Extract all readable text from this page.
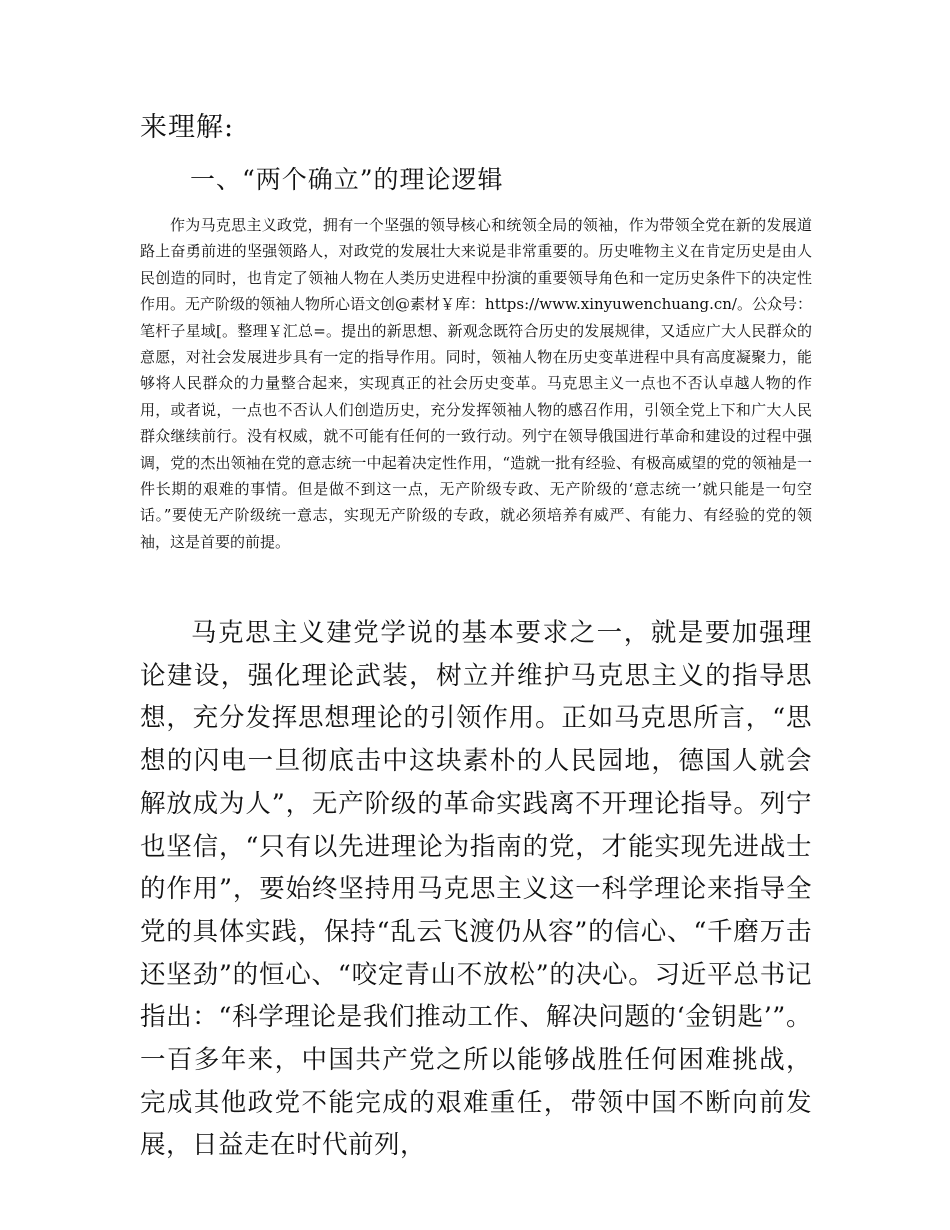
来理解:

一、“两个确立”的理论逻辑

作为马克思主义政党，拥有一个坚强的领导核心和统领全局的领袖，作为带领全党在新的发展道路上奋勇前进的坚强领路人，对政党的发展壮大来说是非常重要的。历史唯物主义在肯定历史是由人民创造的同时，也肯定了领袖人物在人类历史进程中扮演的重要领导角色和一定历史条件下的决定性作用。无产阶级的领袖人物所心语文创@素材￥库：https://www.xinyuwenchuang.cn/。公众号：笔杆子星域[。整理￥汇总=。提出的新思想、新观念既符合历史的发展规律，又适应广大人民群众的意愿，对社会发展进步具有一定的指导作用。同时，领袖人物在历史变革进程中具有高度凝聚力，能够将人民群众的力量整合起来，实现真正的社会历史变革。马克思主义一点也不否认卓越人物的作用，或者说，一点也不否认人们创造历史，充分发挥领袖人物的感召作用，引领全党上下和广大人民群众继续前行。没有权威，就不可能有任何的一致行动。列宁在领导俄国进行革命和建设的过程中强调，党的杰出领袖在党的意志统一中起着决定性作用，“造就一批有经验、有极高威望的党的领袖是一件长期的艰难的事情。但是做不到这一点，无产阶级专政、无产阶级的‘意志统一’就只能是一句空话。”要使无产阶级统一意志，实现无产阶级的专政，就必须培养有威严、有能力、有经验的党的领袖，这是首要的前提。

马克思主义建党学说的基本要求之一，就是要加强理论建设，强化理论武装，树立并维护马克思主义的指导思想，充分发挥思想理论的引领作用。正如马克思所言，“思想的闪电一旦彻底击中这块素朴的人民园地，德国人就会解放成为人”，无产阶级的革命实践离不开理论指导。列宁也坚信，“只有以先进理论为指南的党，才能实现先进战士的作用”，要始终坚持用马克思主义这一科学理论来指导全党的具体实践，保持“乱云飞渡仍从容”的信心、“千磨万击还坚劲”的恒心、“咬定青山不放松”的决心。习近平总书记指出：“科学理论是我们推动工作、解决问题的‘金钥匙’”。一百多年来，中国共产党之所以能够战胜任何困难挑战，完成其他政党不能完成的艰难重任，带领中国不断向前发展，日益走在时代前列，
